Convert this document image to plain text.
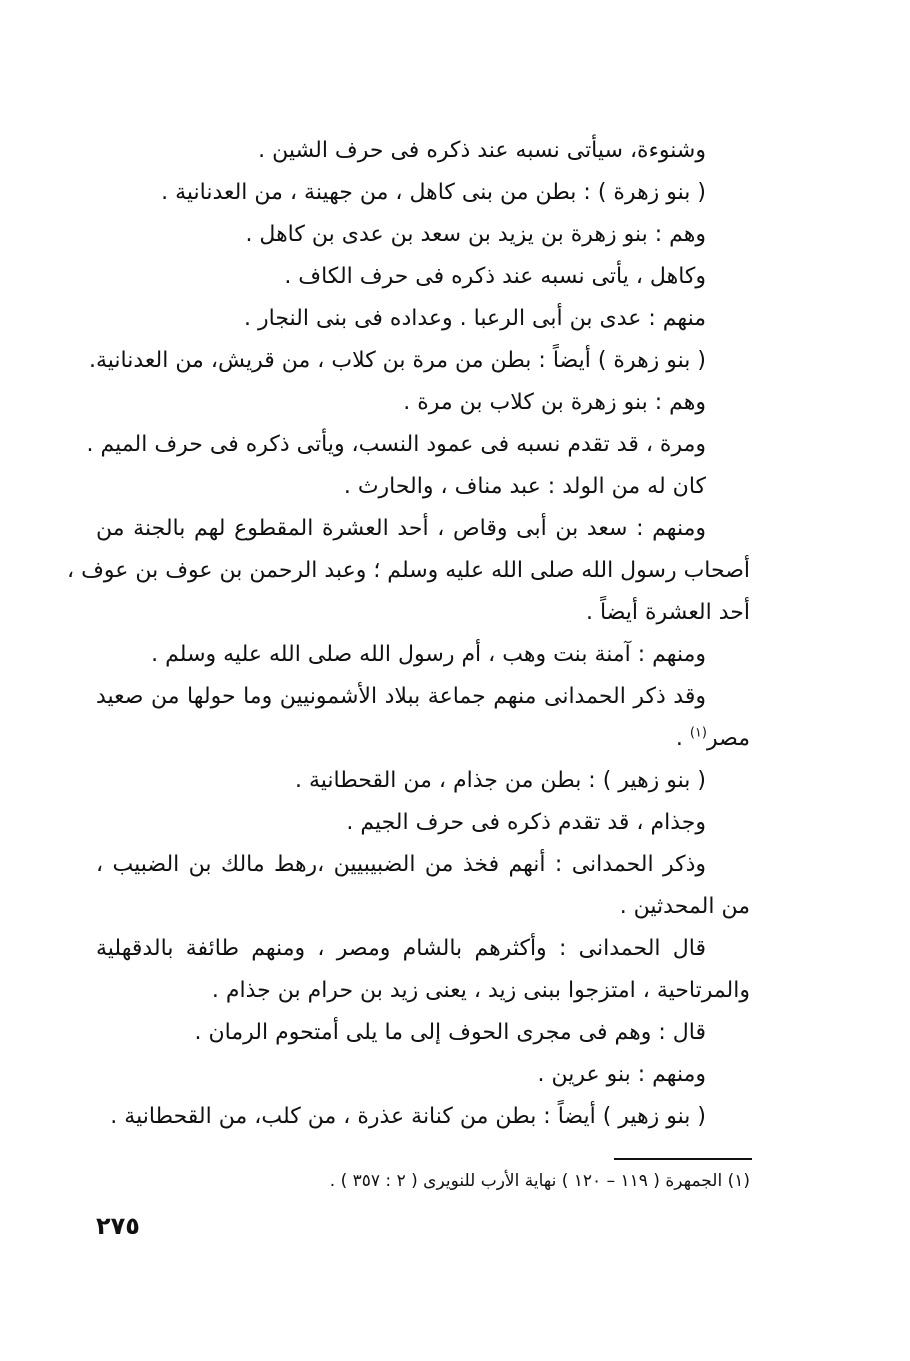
وشنوءة، سيأتى نسبه عند ذكره فى حرف الشين .
( بنو زهرة ) : بطن من بنى كاهل ، من جهينة ، من العدنانية .
وهم : بنو زهرة بن يزيد بن سعد بن عدى بن كاهل .
وكاهل ، يأتى نسبه عند ذكره فى حرف الكاف .
منهم : عدى بن أبى الرعبا . وعداده فى بنى النجار .
( بنو زهرة ) أيضاً : بطن من مرة بن كلاب ، من قريش، من العدنانية.
وهم : بنو زهرة بن كلاب بن مرة .
ومرة ، قد تقدم نسبه فى عمود النسب، ويأتى ذكره فى حرف الميم .
كان له من الولد : عبد مناف ، والحارث .
ومنهم : سعد بن أبى وقاص ، أحد العشرة المقطوع لهم بالجنة من
أصحاب رسول الله صلى الله عليه وسلم ؛ وعبد الرحمن بن عوف بن عوف ،
أحد العشرة أيضاً .
ومنهم : آمنة بنت وهب ، أم رسول الله صلى الله عليه وسلم .
وقد ذكر الحمدانى منهم جماعة ببلاد الأشمونيين وما حولها من صعيد
مصر$^{(١)}$ .
( بنو زهير ) : بطن من جذام ، من القحطانية .
وجذام ، قد تقدم ذكره فى حرف الجيم .
وذكر الحمدانى : أنهم فخذ من الضبيبيين ،رهط مالك بن الضبيب ،
من المحدثين .
قال الحمدانى : وأكثرهم بالشام ومصر ، ومنهم طائفة بالدقهلية
والمرتاحية ، امتزجوا ببنى زيد ، يعنى زيد بن حرام بن جذام .
قال : وهم فى مجرى الحوف إلى ما يلى أمتحوم الرمان .
ومنهم : بنو عرين .
( بنو زهير ) أيضاً : بطن من كنانة عذرة ، من كلب، من القحطانية .
(١) الجمهرة ( ١١٩ – ١٢٠ ) نهاية الأرب للنويرى ( ٢ : ٣٥٧ ) .
٢٧٥
